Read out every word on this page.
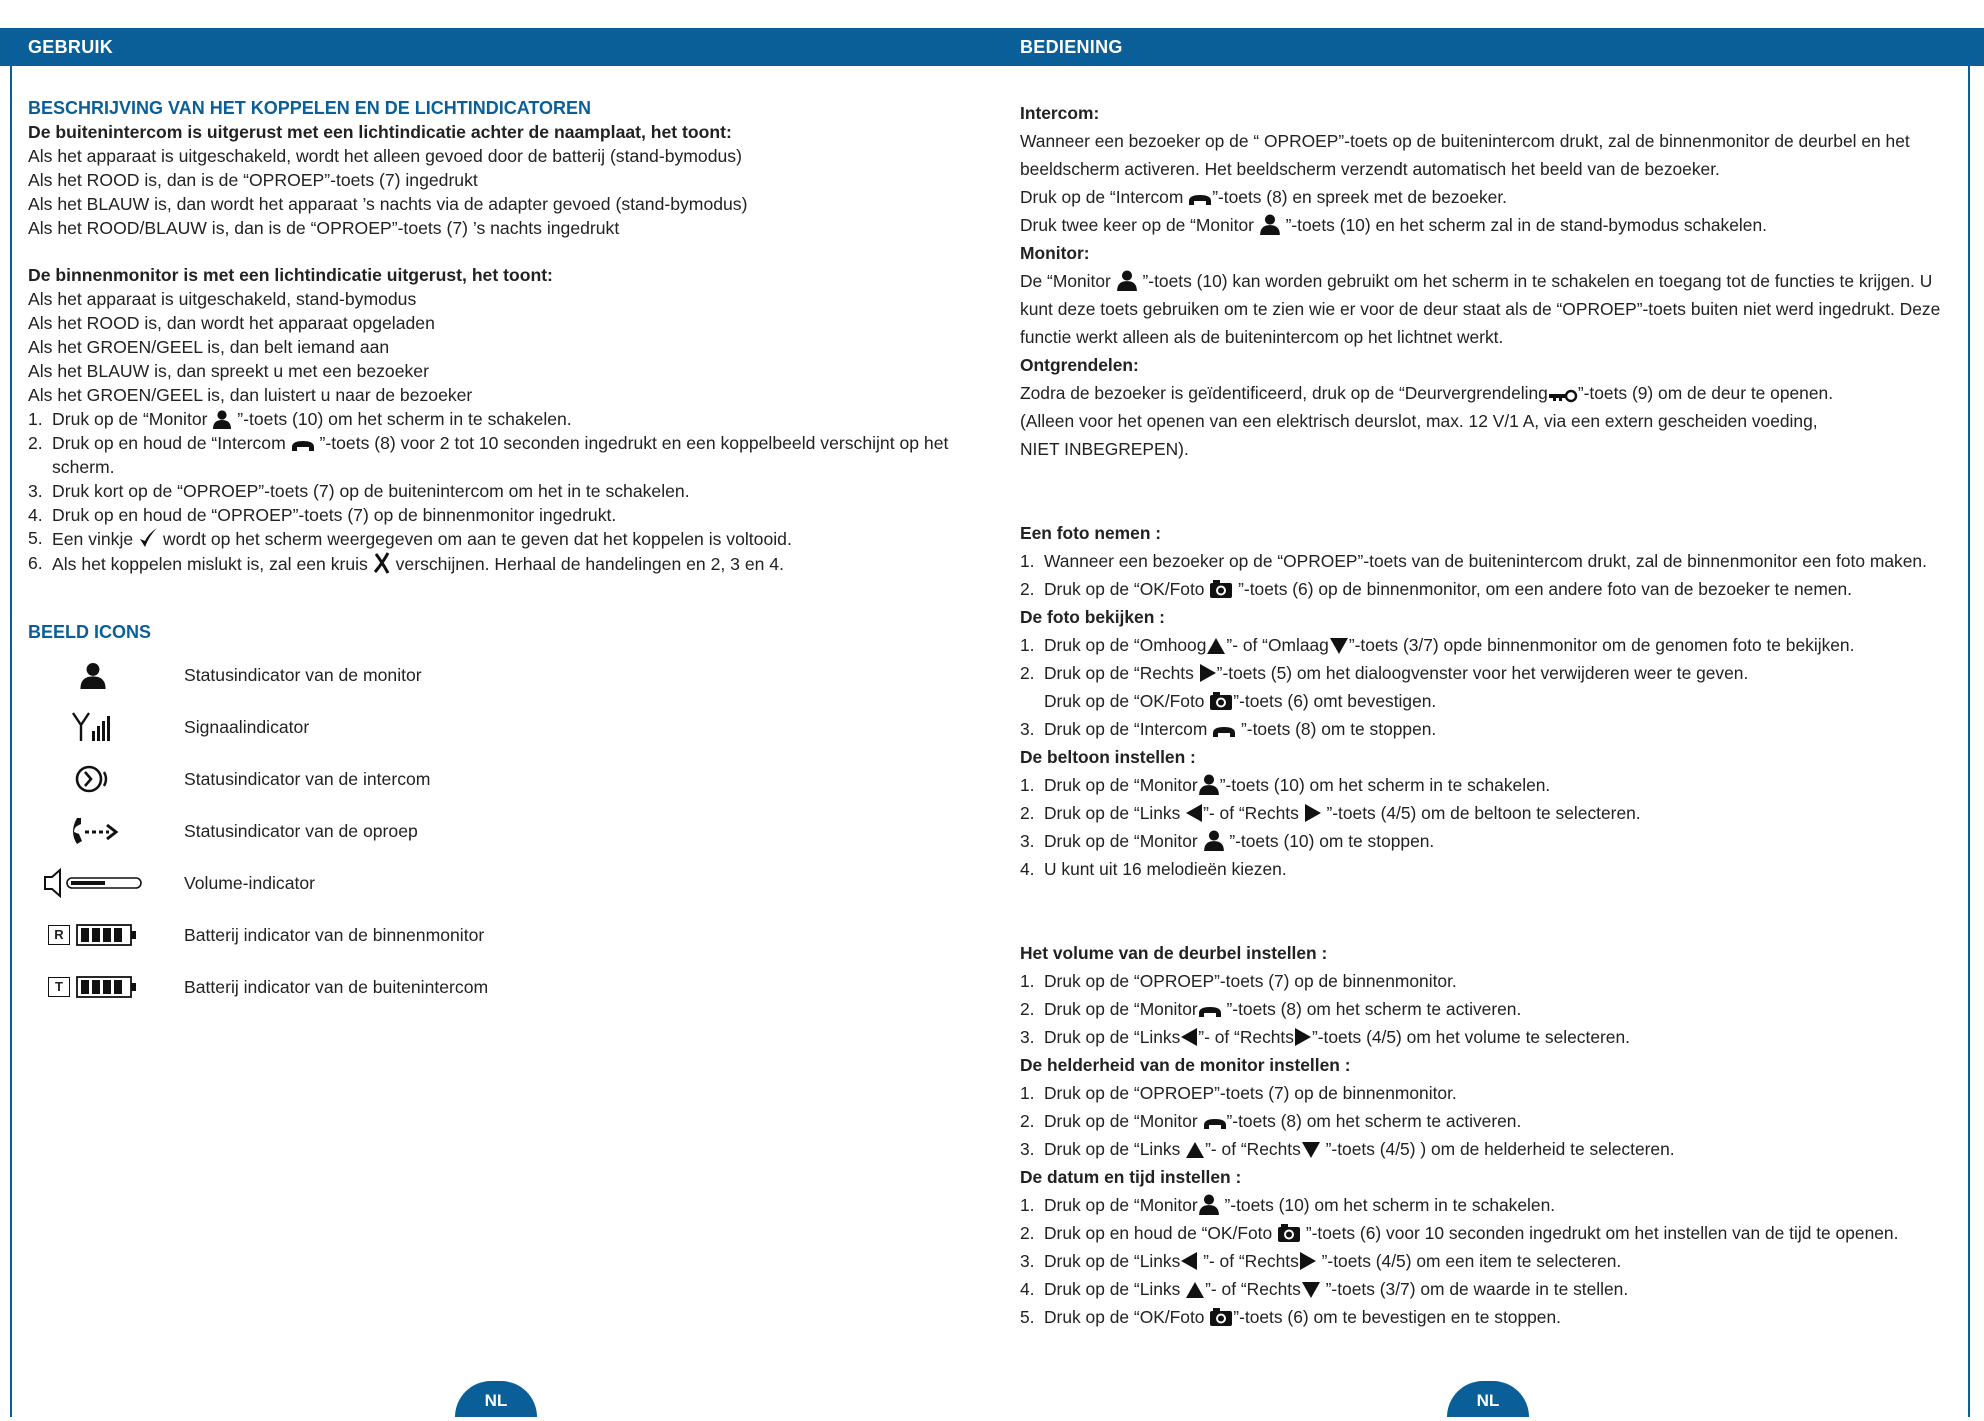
GEBRUIK	BEDIENING

BESCHRIJVING VAN HET KOPPELEN EN DE LICHTINDICATOREN

De buitenintercom is uitgerust met een lichtindicatie achter de naamplaat, het toont:

Als het apparaat is uitgeschakeld, wordt het alleen gevoed door de batterij (stand-bymodus)

Als het ROOD is, dan is de “OPROEP”-toets (7) ingedrukt

Als het BLAUW is, dan wordt het apparaat ’s nachts via de adapter gevoed (stand-bymodus)

Als het ROOD/BLAUW is, dan is de “OPROEP”-toets (7) ’s nachts ingedrukt

De binnenmonitor is met een lichtindicatie uitgerust, het toont:

Als het apparaat is uitgeschakeld, stand-bymodus

Als het ROOD is, dan wordt het apparaat opgeladen

Als het GROEN/GEEL is, dan belt iemand aan

Als het BLAUW is, dan spreekt u met een bezoeker

Als het GROEN/GEEL is, dan luistert u naar de bezoeker

1. Druk op de “Monitor  ”-toets (10) om het scherm in te schakelen.
2. Druk op en houd de “Intercom  ”-toets (8) voor 2 tot 10 seconden ingedrukt en een koppelbeeld verschijnt op het scherm.
3. Druk kort op de “OPROEP”-toets (7) op de buitenintercom om het in te schakelen.
4. Druk op en houd de “OPROEP”-toets (7) op de binnenmonitor ingedrukt.
5. Een vinkje  wordt op het scherm weergegeven om aan te geven dat het koppelen is voltooid.
6. Als het koppelen mislukt is, zal een kruis  verschijnen. Herhaal de handelingen en 2, 3 en 4.

BEELD ICONS

Statusindicator van de monitor
Signaalindicator
Statusindicator van de intercom
Statusindicator van de oproep
Volume-indicator
R	Batterij indicator van de binnenmonitor
T	Batterij indicator van de buitenintercom
NL

Intercom:

Wanneer een bezoeker op de “ OPROEP”-toets op de buitenintercom drukt, zal de binnenmonitor de deurbel en het beeldscherm activeren. Het beeldscherm verzendt automatisch het beeld van de bezoeker.

Druk op de “Intercom ”-toets (8) en spreek met de bezoeker.

Druk twee keer op de “Monitor  ”-toets (10) en het scherm zal in de stand-bymodus schakelen.

Monitor:

De “Monitor  ”-toets (10) kan worden gebruikt om het scherm in te schakelen en toegang tot de functies te krijgen. U kunt deze toets gebruiken om te zien wie er voor de deur staat als de “OPROEP”-toets buiten niet werd ingedrukt. Deze functie werkt alleen als de buitenintercom op het lichtnet werkt.

Ontgrendelen:

Zodra de bezoeker is geïdentificeerd, druk op de “Deurvergrendeling ”-toets (9) om de deur te openen.

(Alleen voor het openen van een elektrisch deurslot, max. 12 V/1 A, via een extern gescheiden voeding,

NIET INBEGREPEN).

Een foto nemen :

1. Wanneer een bezoeker op de “OPROEP”-toets van de buitenintercom drukt, zal de binnenmonitor een foto maken.
2. Druk op de “OK/Foto  ”-toets (6) op de binnenmonitor, om een andere foto van de bezoeker te nemen.

De foto bekijken :

1. Druk op de “Omhoog ”- of “Omlaag ”-toets (3/7) opde binnenmonitor om de genomen foto te bekijken.
2. Druk op de “Rechts ”-toets (5) om het dialoogvenster voor het verwijderen weer te geven.
Druk op de “OK/Foto ”-toets (6) omt bevestigen.
3. Druk op de “Intercom  ”-toets (8) om te stoppen.

De beltoon instellen :

1. Druk op de “Monitor ”-toets (10) om het scherm in te schakelen.
2. Druk op de “Links ”- of “Rechts  ”-toets (4/5) om de beltoon te selecteren.
3. Druk op de “Monitor  ”-toets (10) om te stoppen.
4. U kunt uit 16 melodieën kiezen.

Het volume van de deurbel instellen :

1. Druk op de “OPROEP”-toets (7) op de binnenmonitor.
2. Druk op de “Monitor ”-toets (8) om het scherm te activeren.
3. Druk op de “Links ”- of “Rechts ”-toets (4/5) om het volume te selecteren.

De helderheid van de monitor instellen :

1. Druk op de “OPROEP”-toets (7) op de binnenmonitor.
2. Druk op de “Monitor ”-toets (8) om het scherm te activeren.
3. Druk op de “Links ”- of “Rechts ”-toets (4/5) ) om de helderheid te selecteren.

De datum en tijd instellen :

1. Druk op de “Monitor ”-toets (10) om het scherm in te schakelen.
2. Druk op en houd de “OK/Foto  ”-toets (6) voor 10 seconden ingedrukt om het instellen van de tijd te openen.
3. Druk op de “Links ”- of “Rechts ”-toets (4/5) om een item te selecteren.
4. Druk op de “Links ”- of “Rechts ”-toets (3/7) om de waarde in te stellen.
5. Druk op de “OK/Foto ”-toets (6) om te bevestigen en te stoppen.
NL
